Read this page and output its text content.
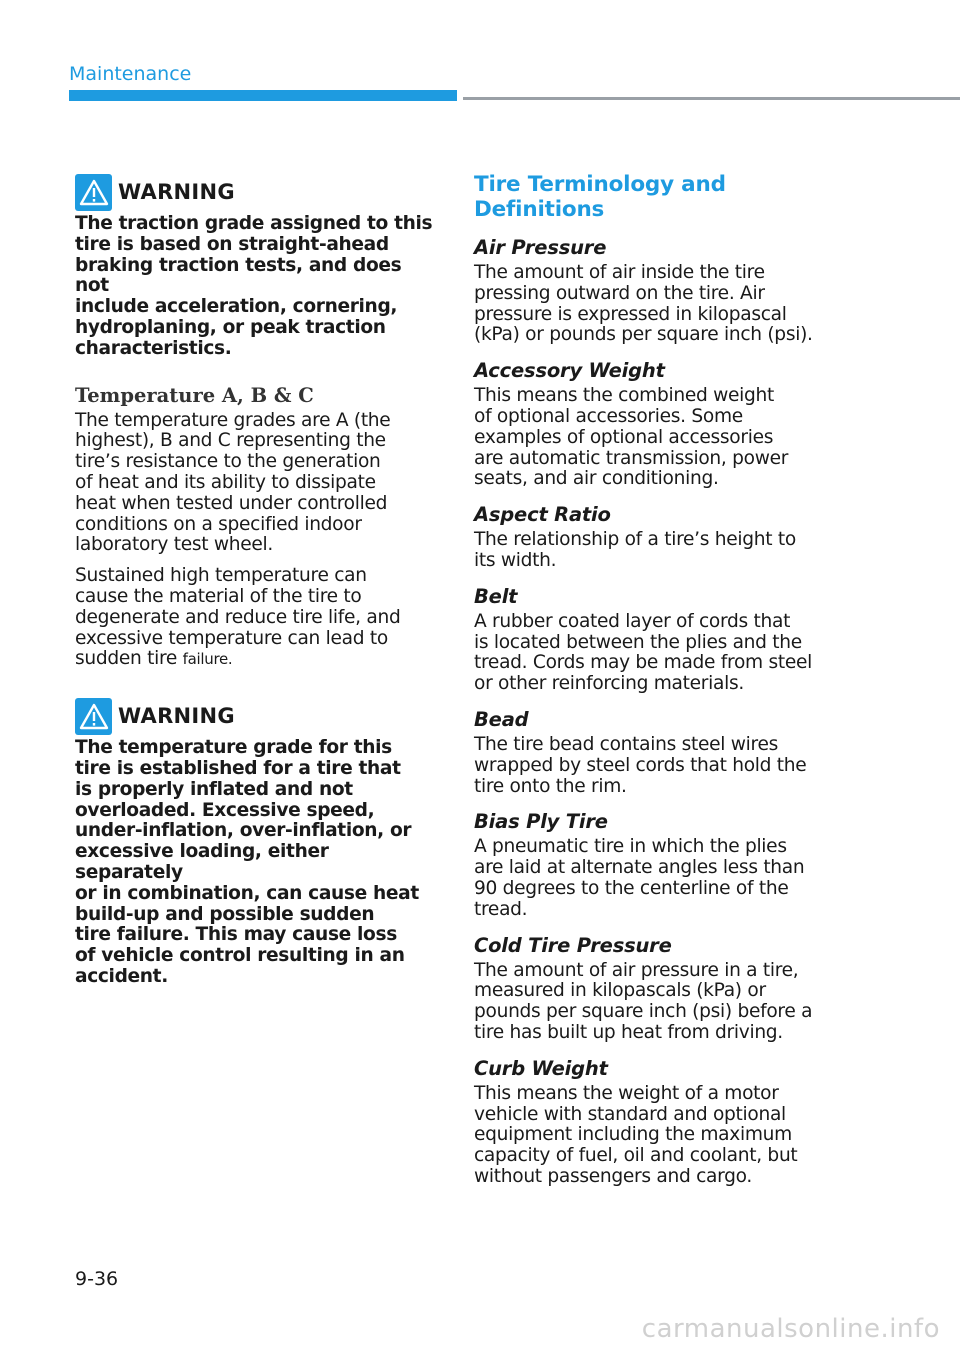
Maintenance
WARNING

The traction grade assigned to this
tire is based on straight-ahead
braking traction tests, and does not
include acceleration, cornering,
hydroplaning, or peak traction
characteristics.

Temperature A, B & C

The temperature grades are A (the
highest), B and C representing the
tire’s resistance to the generation
of heat and its ability to dissipate
heat when tested under controlled
conditions on a specified indoor
laboratory test wheel.

Sustained high temperature can
cause the material of the tire to
degenerate and reduce tire life, and
excessive temperature can lead to
sudden tire failure.

WARNING

The temperature grade for this
tire is established for a tire that
is properly inflated and not
overloaded. Excessive speed,
under-inflation, over-inflation, or
excessive loading, either separately
or in combination, can cause heat
build-up and possible sudden
tire failure. This may cause loss
of vehicle control resulting in an
accident.

Tire Terminology and Definitions
Air Pressure

The amount of air inside the tire
pressing outward on the tire. Air
pressure is expressed in kilopascal
(kPa) or pounds per square inch (psi).

Accessory Weight

This means the combined weight
of optional accessories. Some
examples of optional accessories
are automatic transmission, power
seats, and air conditioning.

Aspect Ratio

The relationship of a tire’s height to
its width.

Belt

A rubber coated layer of cords that
is located between the plies and the
tread. Cords may be made from steel
or other reinforcing materials.

Bead

The tire bead contains steel wires
wrapped by steel cords that hold the
tire onto the rim.

Bias Ply Tire

A pneumatic tire in which the plies
are laid at alternate angles less than
90 degrees to the centerline of the
tread.

Cold Tire Pressure

The amount of air pressure in a tire,
measured in kilopascals (kPa) or
pounds per square inch (psi) before a
tire has built up heat from driving.

Curb Weight

This means the weight of a motor
vehicle with standard and optional
equipment including the maximum
capacity of fuel, oil and coolant, but
without passengers and cargo.

9-36
carmanualsonline.info
